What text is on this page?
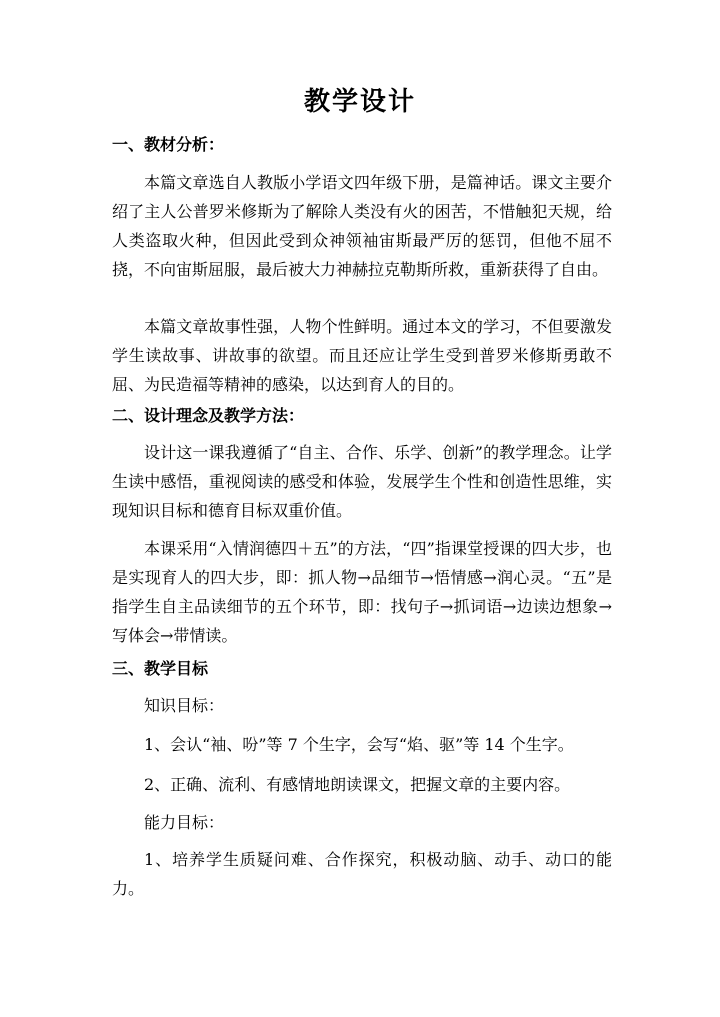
教学设计
一、教材分析：
本篇文章选自人教版小学语文四年级下册，是篇神话。课文主要介绍了主人公普罗米修斯为了解除人类没有火的困苦，不惜触犯天规，给人类盗取火种，但因此受到众神领袖宙斯最严厉的惩罚，但他不屈不挠，不向宙斯屈服，最后被大力神赫拉克勒斯所救，重新获得了自由。
本篇文章故事性强，人物个性鲜明。通过本文的学习，不但要激发学生读故事、讲故事的欲望。而且还应让学生受到普罗米修斯勇敢不屈、为民造福等精神的感染，以达到育人的目的。
二、设计理念及教学方法：
设计这一课我遵循了“自主、合作、乐学、创新”的教学理念。让学生读中感悟，重视阅读的感受和体验，发展学生个性和创造性思维，实现知识目标和德育目标双重价值。
本课采用“入情润德四＋五”的方法，“四”指课堂授课的四大步，也是实现育人的四大步，即：抓人物→品细节→悟情感→润心灵。“五”是指学生自主品读细节的五个环节，即：找句子→抓词语→边读边想象→写体会→带情读。
三、教学目标
知识目标：
1、会认“袖、吩”等 7 个生字，会写“焰、驱”等 14 个生字。
2、正确、流利、有感情地朗读课文，把握文章的主要内容。
能力目标：
1、培养学生质疑问难、合作探究，积极动脑、动手、动口的能力。
